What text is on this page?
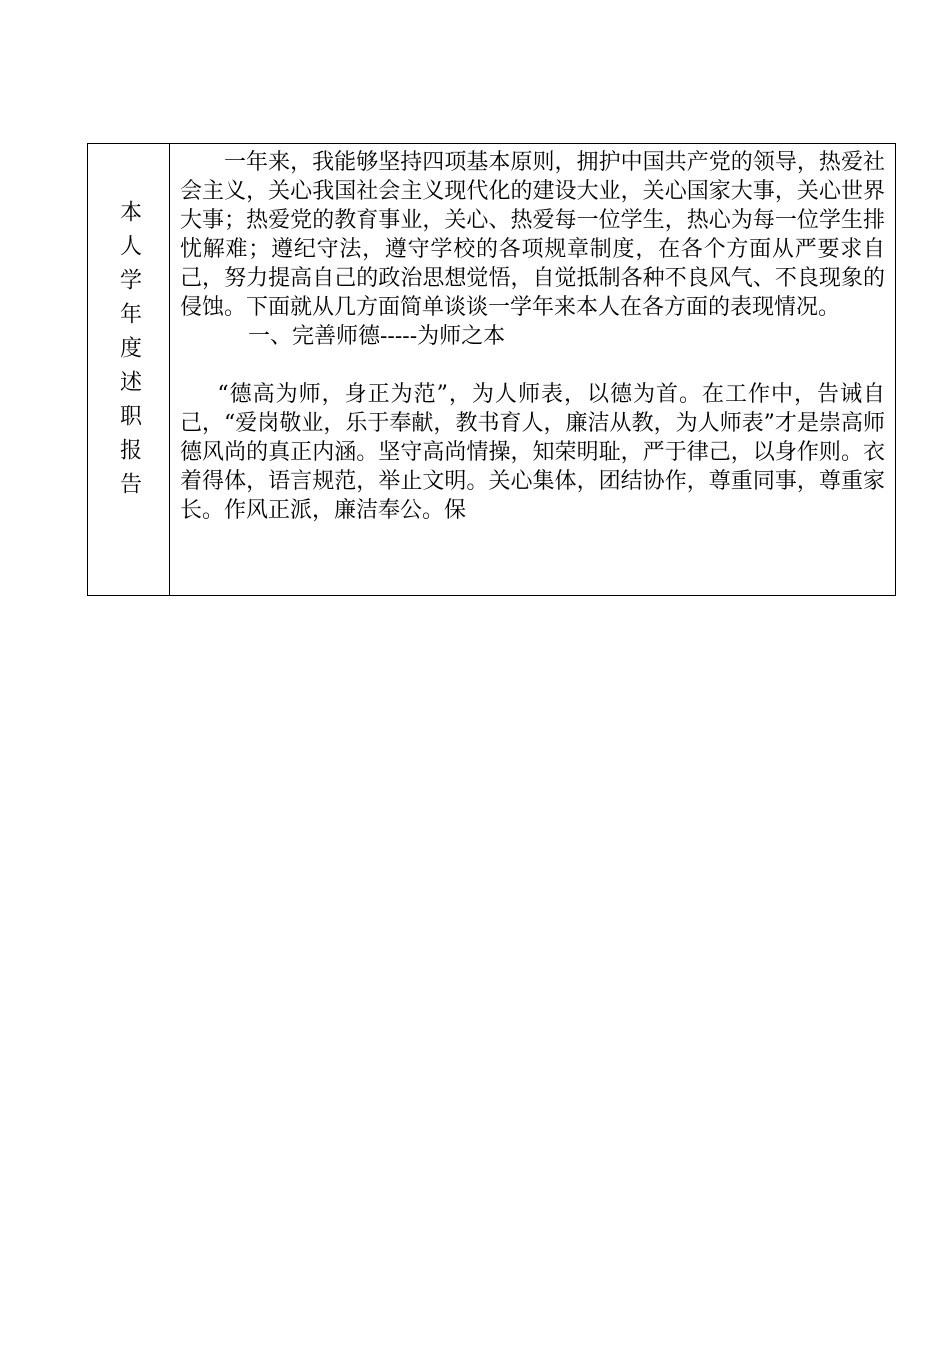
本人学年度述职报告

一年来，我能够坚持四项基本原则，拥护中国共产党的领导，热爱社会主义，关心我国社会主义现代化的建设大业，关心国家大事，关心世界大事；热爱党的教育事业，关心、热爱每一位学生，热心为每一位学生排忧解难；遵纪守法，遵守学校的各项规章制度，在各个方面从严要求自己，努力提高自己的政治思想觉悟，自觉抵制各种不良风气、不良现象的侵蚀。下面就从几方面简单谈谈一学年来本人在各方面的表现情况。

一、完善师德-----为师之本

“德高为师，身正为范”，为人师表，以德为首。在工作中，告诫自己，“爱岗敬业，乐于奉献，教书育人，廉洁从教，为人师表”才是崇高师德风尚的真正内涵。坚守高尚情操，知荣明耻，严于律己，以身作则。衣着得体，语言规范，举止文明。关心集体，团结协作，尊重同事，尊重家长。作风正派，廉洁奉公。保
